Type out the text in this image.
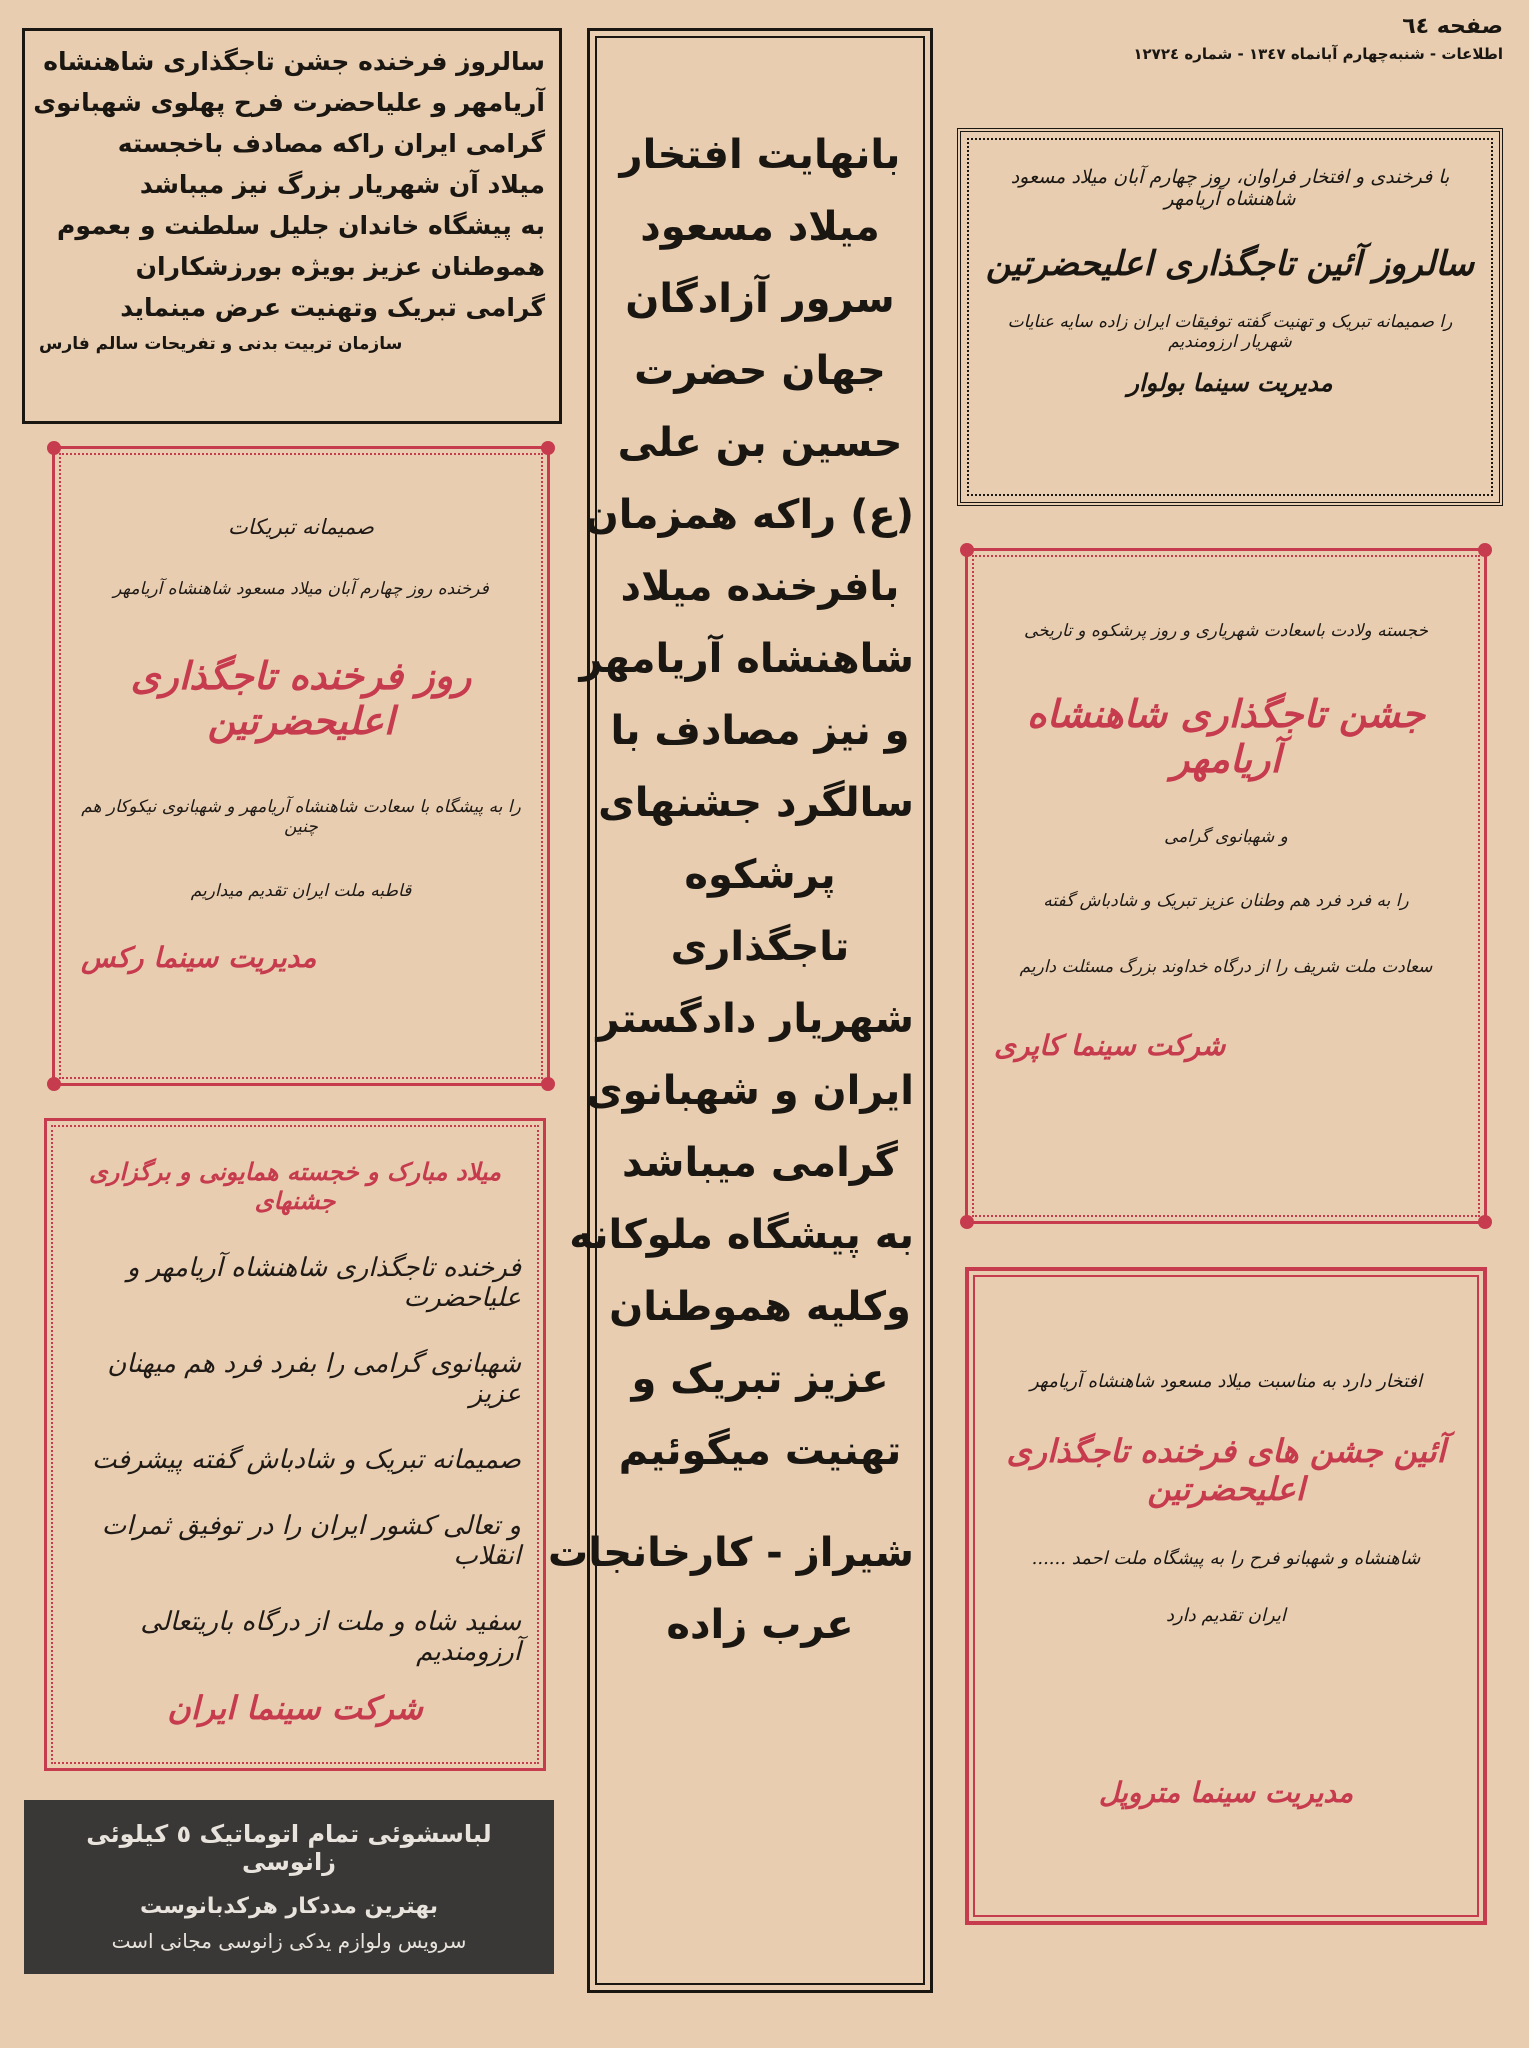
صفحه ٦٤
اطلاعات - شنبه‌چهارم آبانماه ١٣٤٧ - شماره ١٢٧٢٤
سالروز فرخنده جشن تاجگذاری شاهنشاه
آریامهر و علیاحضرت فرح پهلوی شهبانوی
گرامی ایران راکه مصادف باخجسته
میلاد آن شهریار بزرگ نیز میباشد
به پیشگاه خاندان جلیل سلطنت و بعموم
هموطنان عزیز بویژه بورزشکاران
گرامی تبریک وتهنیت عرض مینماید
سازمان تربیت بدنی و تفریحات سالم فارس
بانهایت افتخار
میلاد مسعود
سرور آزادگان
جهان حضرت
حسین بن علی
(ع) راکه همزمان
بافرخنده میلاد
شاهنشاه آریامهر
و نیز مصادف با
سالگرد جشنهای
پرشکوه
تاجگذاری
شهریار دادگستر
ایران و شهبانوی
گرامی میباشد
به پیشگاه ملوکانه
وکلیه هموطنان
عزیز تبریک و
تهنیت میگوئیم
شیراز - کارخانجات
عرب زاده
با فرخندی و افتخار فراوان، روز چهارم آبان میلاد مسعود شاهنشاه آریامهر
سالروز آئین تاجگذاری اعلیحضرتین
را صمیمانه تبریک و تهنیت گفته توفیقات ایران زاده سایه عنایات شهریار ارزومندیم
مدیریت سینما بولوار
صمیمانه تبریکات
فرخنده روز چهارم آبان میلاد مسعود شاهنشاه آریامهر
روز فرخنده تاجگذاری اعلیحضرتین
را به پیشگاه با سعادت شاهنشاه آریامهر و شهبانوی نیکوکار هم چنین
قاطبه ملت ایران تقدیم میداریم
مدیریت سینما رکس
خجسته ولادت باسعادت شهریاری و روز پرشکوه و تاریخی
جشن تاجگذاری شاهنشاه آریامهر
و شهبانوی گرامی
را به فرد فرد هم وطنان عزیز تبریک و شادباش گفته
سعادت ملت شریف را از درگاه خداوند بزرگ مسئلت داریم
شرکت سینما کاپری
میلاد مبارک و خجسته همایونی و برگزاری جشنهای
فرخنده تاجگذاری شاهنشاه آریامهر و علیاحضرت
شهبانوی گرامی را بفرد فرد هم میهنان عزیز
صمیمانه تبریک و شادباش گفته پیشرفت
و تعالی کشور ایران را در توفیق ثمرات انقلاب
سفید شاه و ملت از درگاه باریتعالی آرزومندیم
شرکت سینما ایران
افتخار دارد به مناسبت میلاد مسعود شاهنشاه آریامهر
آئین جشن های فرخنده تاجگذاری اعلیحضرتین
شاهنشاه و شهبانو فرح را به پیشگاه ملت احمد ......
ایران تقدیم دارد
مدیریت سینما متروپل
لباسشوئی تمام اتوماتیک ٥ کیلوئی زانوسی
بهترین مددکار هرکدبانوست
سرویس ولوازم یدکی زانوسی مجانی است
